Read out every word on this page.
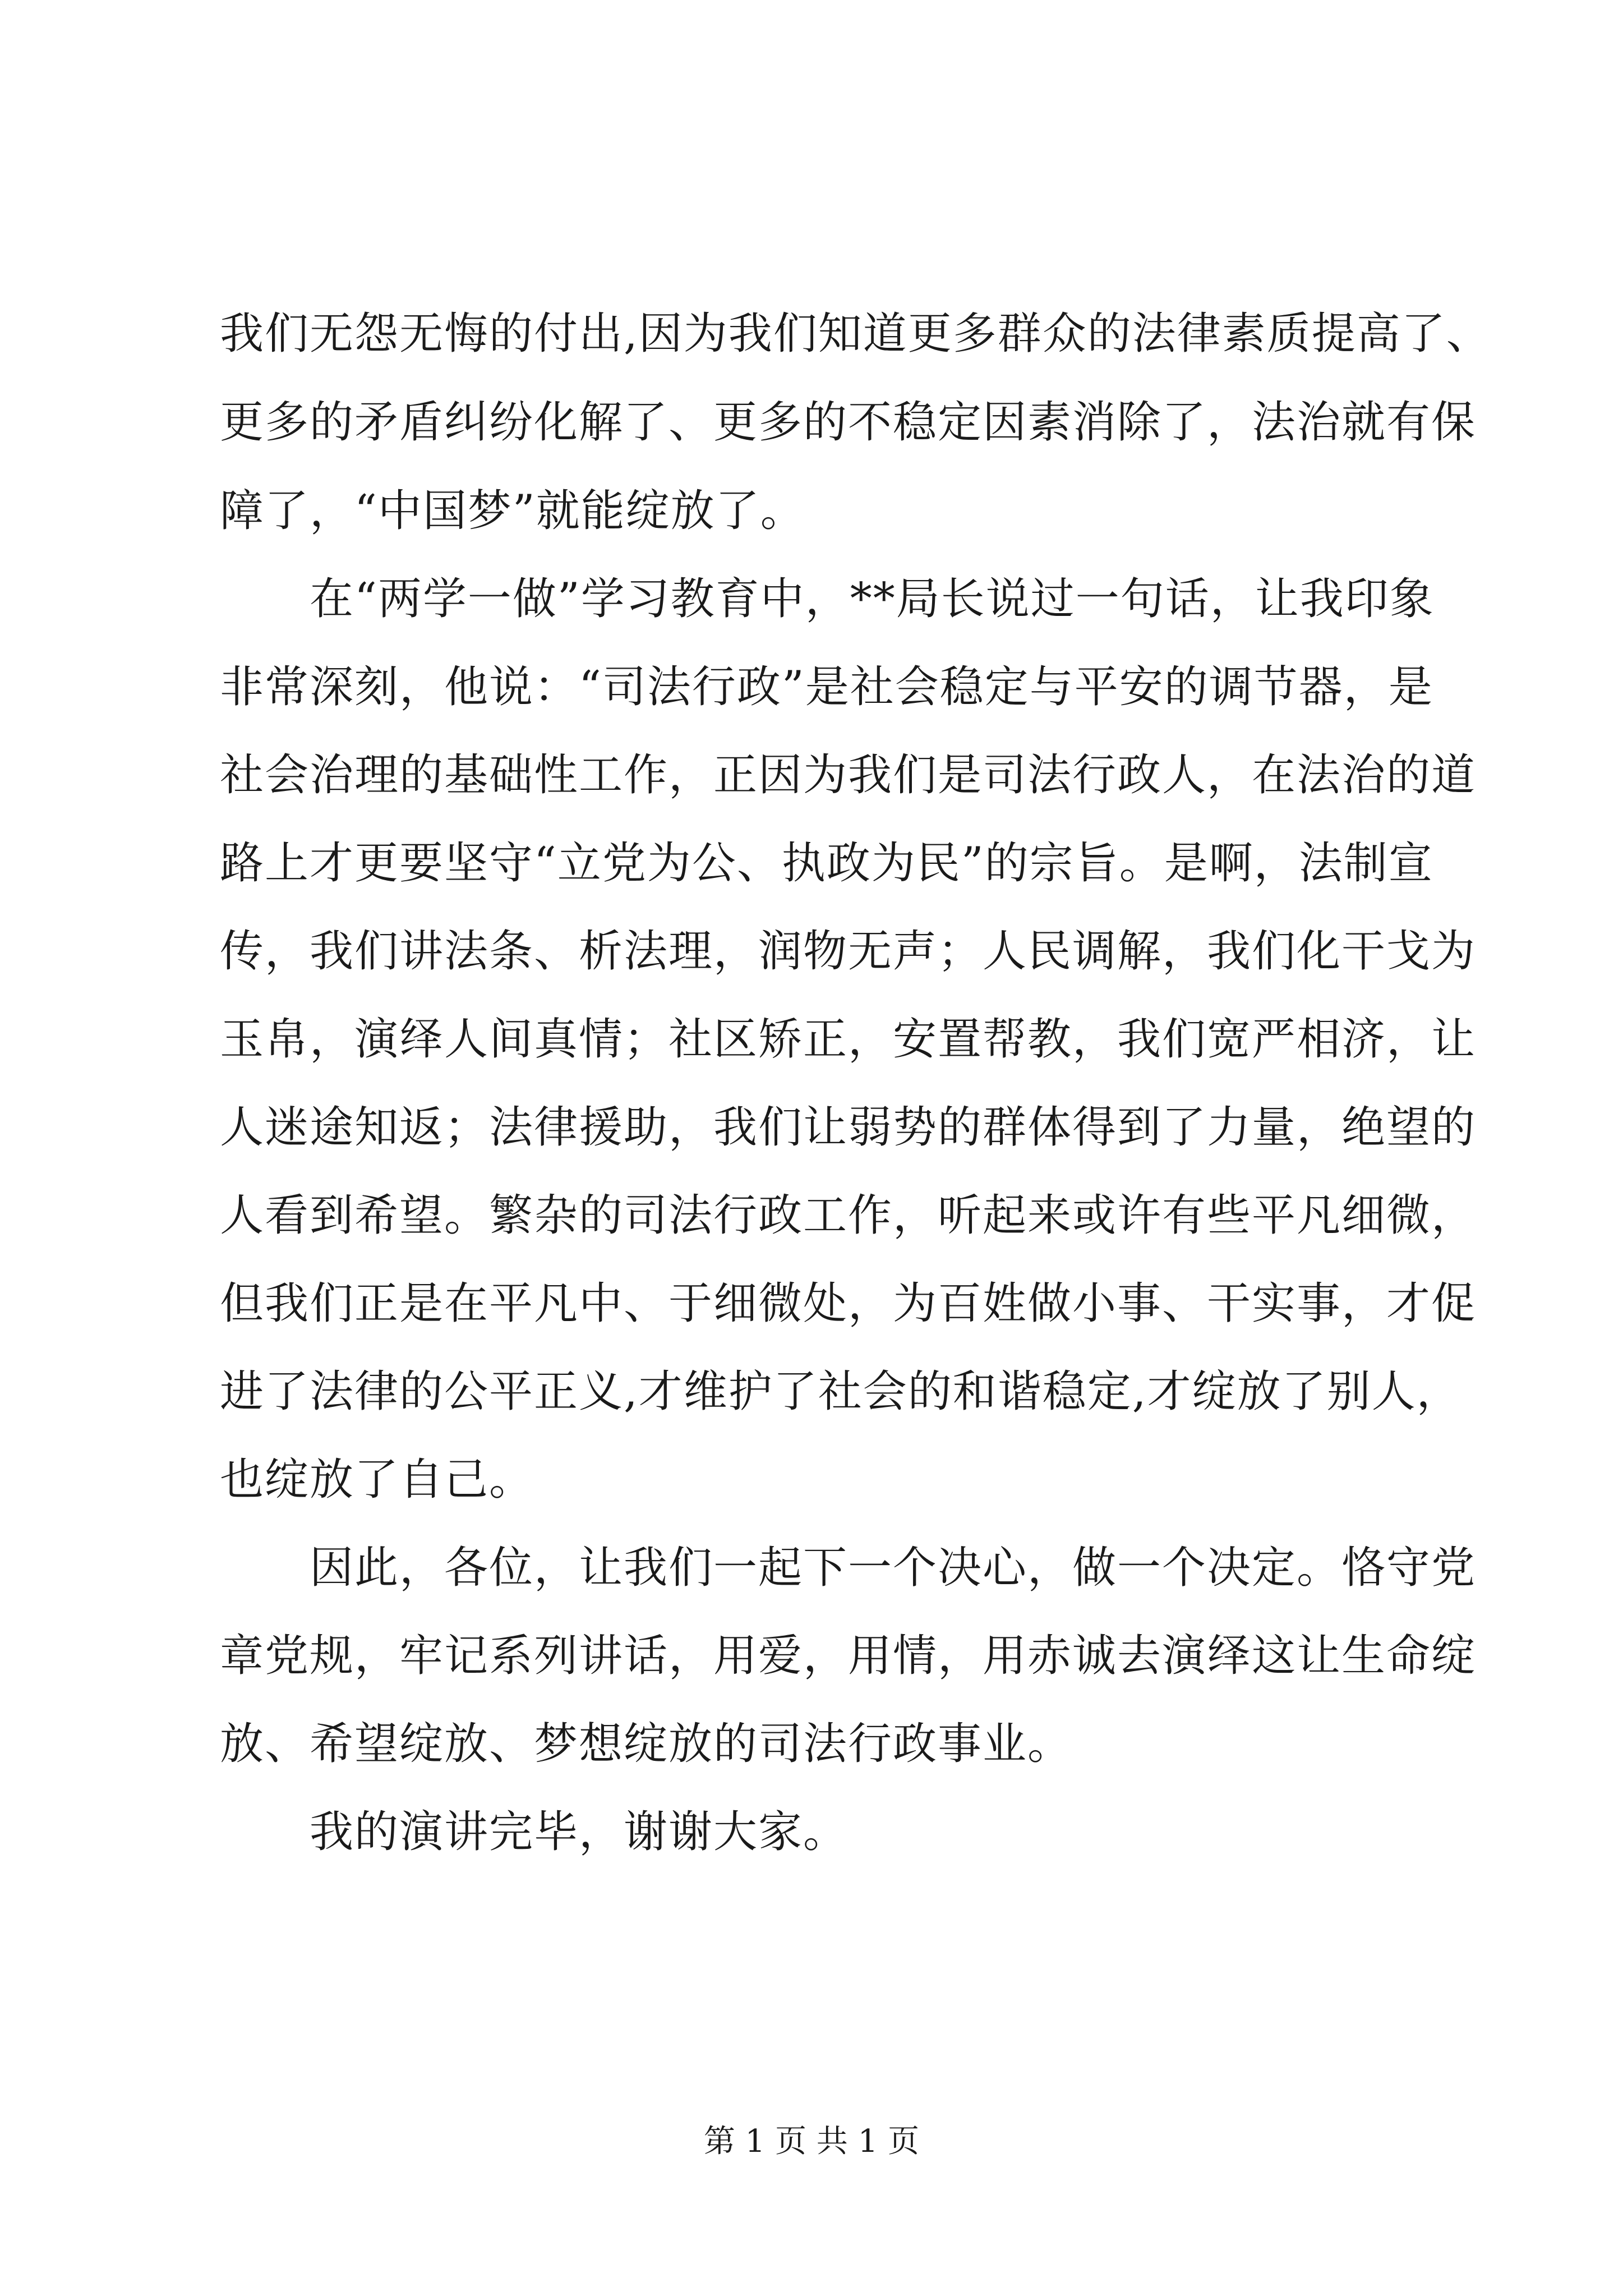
我们无怨无悔的付出,因为我们知道更多群众的法律素质提高了、
更多的矛盾纠纷化解了、更多的不稳定因素消除了，法治就有保
障了，“中国梦”就能绽放了。
在“两学一做”学习教育中，**局长说过一句话，让我印象
非常深刻，他说：“司法行政”是社会稳定与平安的调节器，是
社会治理的基础性工作，正因为我们是司法行政人，在法治的道
路上才更要坚守“立党为公、执政为民”的宗旨。是啊，法制宣
传，我们讲法条、析法理，润物无声；人民调解，我们化干戈为
玉帛，演绎人间真情；社区矫正，安置帮教，我们宽严相济，让
人迷途知返；法律援助，我们让弱势的群体得到了力量，绝望的
人看到希望。繁杂的司法行政工作，听起来或许有些平凡细微，
但我们正是在平凡中、于细微处，为百姓做小事、干实事，才促
进了法律的公平正义,才维护了社会的和谐稳定,才绽放了别人，
也绽放了自己。
因此，各位，让我们一起下一个决心，做一个决定。恪守党
章党规，牢记系列讲话，用爱，用情，用赤诚去演绎这让生命绽
放、希望绽放、梦想绽放的司法行政事业。
我的演讲完毕，谢谢大家。
第 1 页 共 1 页
